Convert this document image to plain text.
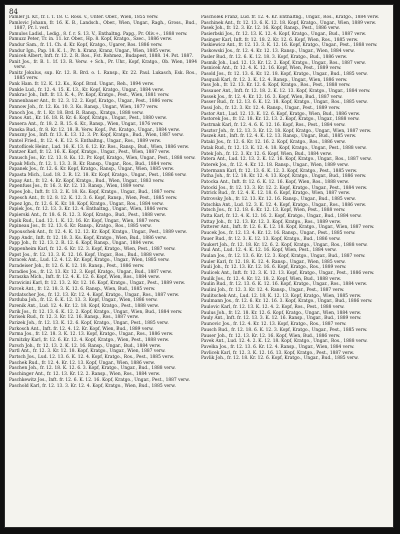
84
Pamler Jl. Kr., fr. l. T. 18. C. Ross. v., Unter. Ober., Wien, 1855 verw.
Pamlovic Johann, fr. 16. K. B., Landsch., Ober., Wien, Ungar., Ragh., Gross., Bud., 1887, Pr. l. verl.
Pamulos Ladisl., Ledig., 8. f. r. S. 13. V., Enthaltng. Papg., Pr. Oliv.+., 1888 verw.
Pamuzz Peter, Tr. in. 11. kr. Ober., Hp. 8. Kopf, Kratgo., Szec., 1886 verw.
Pandur Sam., fr. 11. Ch. d. Kr. Kopf, Kratgo., Ugarer, Ros. 1886 verw.
Pandur Ign., Pap. 18. K. 1., Pr. h. Kranz, Kranz, Ungar., Wien, 1885 verw.
Panicek Albert, Inft. fr. 12. 2. R. Ros., Fst. Rohmez., Budapest, 1888. 14. Pst. 1887.
Panit Jos., fr. B. 1. 1f. 13. R. Verw. + Sch., Pr. Uhr., Kopf, Kratgo., Ob. Wien, 1894 verw.
Panitz Jokulus, sup. Kr. 12. R. Brd. o. 1. Ransp., Kr. 22. Paul. Lukasch, Esk. Ros., 1885 verw.
Pank Ham. fr. 12. K. 12. Ks., Kopf. Brzd. Ungar., Reh., 1894 verw.
Pankle Lud., fr. 12. 4. 15. K. 13., Kr. Kopf, Kratgo., Ungar., 1884 verw.
Pankrac Joh., Inft. fr. 13. K. 4., Pr. Kopf, Kratgo., Pest., Wien, 1881 verw.
Pannenbauer Ant., fr. 12. 3. 12. 2. Kopf, Kratgo., Ungar., Pest., 1886 verw.
Pannow Joh., fr. 12. Ks. 10. 3. Ks. Ransp., Ungar., Wien, 1877 verw.
Panoch Jos., fr. 1. Kr. 18. Brd. R. Ransp., Kratgo., 1888 verw.
Panos Ant., Kr. 16. 18. R. Kr. 6. Kopf, Kratgo., Ungar., Pest., 1880 verw.
Pansera Ant., fr. 18. 2. R. 15. 6. Kr., Ransp., Wien, Ungar., 1876 verw.
Panska Rud., fr. 8. Kr. 12. 18. R. Verw. Kopf., Pst. Kratgo., Ungar., 1884 verw.
Panszny Jos., Inft. fr. 13. K. 13. 12. 3. Pr. Kopf, Kratgo., Bud., Wien, 1887 verw.
Pantel Fried., fr. 12. 4. K. 12. S. Enthaltng., Ungar., Ros., 1889 verw.
Pantoflicek Heinr., Lud. 16. K. 13. 6. 12. Kr. Ros., Ransp., Bud., Wien, 1886 verw.
Pantzer Karl, fr. 12. 16. K. Kopf, Kratgo., Ungar., Pest., Wien, 1887 verw.
Panusch Jos., Kr. 12. 13. 8. Ks. 12. Pr. Kopf, Kratgo., Wien, Ungar., Pest., 1888 verw.
Papak Mich., fr. 12. 1. 13. 3. R. Kr. Ransp., Ungar., Ros., Bud., 1884 verw.
Papanek Jos., fr. 12. 6. Kr. Kopf, Kratgo., Ransp., Ungar., Wien, 1885 verw.
Papasta Mich., Lud. 18. 2. R. 12. 18. Kr. Kopf, Kratgo., Ungar., Pest., 1886 verw.
Papay Ant., fr. 12. 4. Kr. Kopf, Kratgo., Bud., Wien, Ungar., 1883 verw.
Papenfuss Jos., fr. 16. 3. Kr. 12. 13. Ransp., Wien, 1889 verw.
Papes Joh., Inft. fr. 13. 2. K. 18. Ks. Kopf, Kratgo., Ungar., Bud., 1887 verw.
Papesch Ant., fr. 12. 8. 12. K. 12. 3. 6. Kopf, Ransp., Wien, Pest., 1885 verw.
Papez Ign., fr. 12. 6. K. Kr. 18. Kopf, Kratgo., Ungar., Ros., 1884 verw.
Papiek Jos., fr. 12. 13. 3. Kr. 12. 4. Enthaltng., Ungar., Wien, 1886 verw.
Papierski Ant., fr. 18. 6. R. 12. 3. Kopf, Kratgo., Bud., Pest., 1888 verw.
Papik Rud., Lud. 12. 1. K. 12. 16. Kr. Kopf, Ungar., Wien, 1887 verw.
Papineau Jos., fr. 12. 13. 6. Kr. Ransp., Kratgo., Ros., 1885 verw.
Papouschek Ant., fr. 12. 4. K. 12. 12. Kr. Kopf, Kratgo., Ungar., Pest., 1889 verw.
Papp Andr., Inft. fr. 12. 18. 3. Ks. Kopf, Kratgo., Wien, Bud., 1886 verw.
Papp Joh., fr. 12. 13. 2. R. 12. 6. Kopf, Ransp., Ungar., 1884 verw.
Pappenheim Karl, fr. 12. 6. Kr. 12. 3. Kopf, Kratgo., Wien, Pest., 1887 verw.
Papst Jos., fr. 12. 13. 3. K. 12. 16. Kopf, Ungar., Ros., Bud., 1888 verw.
Paracek Ant., Lud. 12. 4. 12. Kr. Kopf, Kratgo., Ungar., Wien, 1885 verw.
Paradeiser Joh., fr. 12. 6. K. 12. 18. Ransp., Pest., 1886 verw.
Paradies Jos., fr. 12. 13. Kr. 12. 3. Kopf, Kratgo., Ungar., Bud., 1887 verw.
Paraszka Mich., Inft. fr. 12. 4. K. 12. 6. Kopf, Wien, Ros., 1884 verw.
Paravicini Karl, fr. 12. 13. 2. Kr. 12. 16. Kopf, Kratgo., Ungar., Pest., 1889 verw.
Parcek Ant., fr. 12. 18. 3. K. 12. 6. Ransp., Wien, Bud., 1885 verw.
Pardatscher Jos., fr. 12. 13. Kr. 12. 4. Kopf, Kratgo., Ungar., Ros., 1887 verw.
Parduba Joh., fr. 12. 6. K. 12. 13. 3. Kopf, Ungar., Wien, 1886 verw.
Parenik Ant., Lud. 12. 4. Kr. 12. 18. Kopf, Kratgo., Pest., 1888 verw.
Parik Jos., fr. 12. 13. 6. K. 12. 2. Kopf, Kratgo., Ungar., Wien, Bud., 1884 verw.
Parisek Rud., fr. 12. 3. Kr. 12. 16. Ransp., Ros., 1887 verw.
Parizek Joh., fr. 12. 13. K. 12. 6. Kopf, Kratgo., Ungar., Pest., 1885 verw.
Parkosch Ant., Inft. fr. 12. 4. 12. Kr. Kopf, Wien, Bud., 1889 verw.
Parma Jos., fr. 12. 18. 3. K. 12. 13. Kopf, Kratgo., Ungar., Ros., 1886 verw.
Parnitzky Karl, fr. 12. 6. Kr. 12. 4. Kopf, Kratgo., Wien, Pest., 1888 verw.
Parsch Joh., fr. 12. 13. 2. K. 12. 16. Ransp., Ungar., Bud., 1884 verw.
Partl Ant., fr. 12. 3. Kr. 12. 18. Kopf, Kratgo., Ungar., Wien, 1887 verw.
Partsch Jos., Lud. 12. 13. 6. K. 12. 4. Kopf, Kratgo., Ros., Pest., 1885 verw.
Paschek Rud., fr. 12. 4. Kr. 12. 13. Kopf, Ungar., Wien, 1886 verw.
Paschen Joh., fr. 12. 18. K. 12. 6. 3. Kopf, Kratgo., Ungar., Bud., 1888 verw.
Paschinger Ant., fr. 12. 13. Kr. 12. 2. Ransp., Wien, Ros., 1884 verw.
Paschkewitz Jos., Inft. fr. 12. 6. K. 12. 16. Kopf, Kratgo., Ungar., Pest., 1887 verw.
Paschold Karl, fr. 12. 13. 3. Kr. 12. 4. Kopf, Kratgo., Wien, Bud., 1885 verw.
Pascholek Franz, Lud. fr. 12. 4. Kr. Enthaltng., Ungar., Ros., Kratgo., 1884 verw.
Paschinek Ant., fr. 12. 13. 6. K. 12. 18. Kopf, Kratgo., Ungar., Wien, 1889 verw.
Pasek Joh., fr. 12. 3. Kr. 12. 16. Kopf, Ransp., Pest., 1886 verw.
Pasierbski Jos., fr. 12. 13. K. 12. 4. Kopf, Kratgo., Ungar., Bud., 1887 verw.
Pasinger Karl, Inft. fr. 12. 18. 2. Kr. 12. 6. Kopf, Wien, Ros., 1885 verw.
Paskiewicz Ant., fr. 12. 13. 3. K. 12. 16. Kopf, Kratgo., Ungar., Pest., 1888 verw.
Paskowski Jos., fr. 12. 4. Kr. 12. 13. Ransp., Ungar., Wien, 1884 verw.
Pasler Rud., fr. 12. 6. K. 12. 18. 3. Kopf, Kratgo., Bud., 1886 verw.
Pasmik Joh., Lud. 12. 13. Kr. 12. 2. Kopf, Kratgo., Ungar., Ros., 1887 verw.
Pasnicek Ant., fr. 12. 4. K. 12. 16. Kopf, Wien, Pest., 1889 verw.
Pasold Jos., fr. 12. 13. 6. Kr. 12. 18. Kopf, Kratgo., Ungar., Bud., 1885 verw.
Pasquali Karl, fr. 12. 3. K. 12. 4. Ransp., Ungar., Wien, 1886 verw.
Pass Joh., fr. 12. 13. Kr. 12. 6. Kopf, Kratgo., Ros., Pest., 1888 verw.
Passauer Ant., Inft. fr. 12. 18. 2. K. 12. 13. Kopf, Kratgo., Ungar., 1884 verw.
Passek Jos., fr. 12. 4. Kr. 12. 16. 3. Kopf, Wien, Bud., 1887 verw.
Passer Rud., fr. 12. 13. 6. K. 12. 18. Kopf, Kratgo., Ungar., Ros., 1885 verw.
Passi Joh., fr. 12. 3. Kr. 12. 4. Ransp., Ungar., Pest., 1889 verw.
Pastor Ant., Lud. 12. 13. K. 12. 6. Kopf, Kratgo., Wien, Bud., 1886 verw.
Pastorek Jos., fr. 12. 18. Kr. 12. 13. 2. Kopf, Kratgo., Ungar., 1888 verw.
Pastrnak Karl, fr. 12. 4. 6. K. 12. 16. Kopf, Ros., Pest., 1884 verw.
Pasztor Joh., fr. 12. 13. 3. Kr. 12. 18. Kopf, Kratgo., Ungar., Wien, 1887 verw.
Paszek Ant., Inft. fr. 12. 4. K. 12. 13. Ransp., Ungar., Bud., 1885 verw.
Pataki Jos., fr. 12. 6. Kr. 12. 16. 2. Kopf, Kratgo., Ros., 1886 verw.
Patak Rud., fr. 12. 13. K. 12. 4. 18. Kopf, Kratgo., Ungar., Pest., 1888 verw.
Patek Joh., fr. 12. 3. Kr. 12. 6. Kopf, Wien, Bud., 1884 verw.
Patera Ant., Lud. 12. 13. 2. K. 12. 16. Kopf, Kratgo., Ungar., Ros., 1887 verw.
Paterek Jos., fr. 12. 4. Kr. 12. 18. Ransp., Ungar., Wien, 1889 verw.
Patermann Karl, fr. 12. 13. 6. K. 12. 3. Kopf, Kratgo., Pest., 1885 verw.
Patha Joh., fr. 12. 18. Kr. 12. 4. 13. Kopf, Kratgo., Ungar., Bud., 1886 verw.
Patocka Ant., Inft. fr. 12. 6. K. 12. 16. Kopf, Wien, Ros., 1888 verw.
Patocki Jos., fr. 12. 13. 3. Kr. 12. 2. Kopf, Kratgo., Ungar., Pest., 1884 verw.
Patrick Rud., fr. 12. 4. K. 12. 18. 6. Kopf, Kratgo., Wien, 1887 verw.
Patrovsky Joh., fr. 12. 13. Kr. 12. 16. Ransp., Ungar., Bud., 1885 verw.
Patschka Ant., Lud. 12. 3. K. 12. 4. Kopf, Kratgo., Ungar., Ros., 1886 verw.
Patsch Jos., fr. 12. 18. 6. Kr. 12. 13. Kopf, Wien, Pest., 1888 verw.
Patta Karl, fr. 12. 4. K. 12. 16. 2. Kopf, Kratgo., Ungar., Bud., 1884 verw.
Pattay Joh., fr. 12. 13. Kr. 12. 3. Kopf, Kratgo., Ros., 1889 verw.
Patterer Ant., Inft. fr. 12. 6. K. 12. 18. Kopf, Kratgo., Ungar., Wien, 1887 verw.
Paucek Jos., fr. 12. 13. 4. Kr. 12. 16. Ransp., Ungar., Pest., 1885 verw.
Pauer Rud., fr. 12. 3. K. 12. 13. Kopf, Kratgo., Bud., 1886 verw.
Paukert Joh., fr. 12. 18. Kr. 12. 6. 2. Kopf, Kratgo., Ungar., Ros., 1888 verw.
Paul Ant., Lud. 12. 4. K. 12. 16. Kopf, Wien, Pest., 1884 verw.
Paulan Jos., fr. 12. 13. 6. Kr. 12. 3. Kopf, Kratgo., Ungar., Bud., 1887 verw.
Pauler Karl, fr. 12. 18. K. 12. 4. Ransp., Ungar., Wien, 1885 verw.
Pauli Joh., fr. 12. 13. Kr. 12. 16. 6. Kopf, Kratgo., Ros., 1889 verw.
Paulicek Ant., Inft. fr. 12. 3. K. 12. 13. Kopf, Kratgo., Ungar., Pest., 1886 verw.
Paulik Jos., fr. 12. 4. Kr. 12. 18. 2. Kopf, Wien, Bud., 1888 verw.
Paulin Rud., fr. 12. 13. 6. K. 12. 16. Kopf, Kratgo., Ungar., Ros., 1884 verw.
Paulini Joh., fr. 12. 3. Kr. 12. 4. Ransp., Ungar., Pest., 1887 verw.
Paulitschek Ant., Lud. 12. 18. K. 12. 13. Kopf, Kratgo., Wien, 1885 verw.
Paulmann Jos., fr. 12. 6. Kr. 12. 16. 3. Kopf, Kratgo., Ungar., Bud., 1886 verw.
Paulovic Karl, fr. 12. 13. K. 12. 4. 2. Kopf, Ros., Pest., 1888 verw.
Paulus Joh., fr. 12. 18. Kr. 12. 6. Kopf, Kratgo., Ungar., Wien, 1884 verw.
Pauly Ant., Inft. fr. 12. 13. 3. K. 12. 16. Ransp., Ungar., Bud., 1889 verw.
Paunovic Jos., fr. 12. 4. Kr. 12. 13. Kopf, Kratgo., Ros., 1887 verw.
Pausch Rud., fr. 12. 18. 6. K. 12. 3. Kopf, Kratgo., Ungar., Pest., 1885 verw.
Pauser Joh., fr. 12. 13. Kr. 12. 16. Kopf, Wien, Bud., 1886 verw.
Pavek Ant., Lud. 12. 4. 2. K. 12. 18. Kopf, Kratgo., Ungar., Ros., 1888 verw.
Pavelka Jos., fr. 12. 13. 6. Kr. 12. 4. Ransp., Ungar., Wien, 1884 verw.
Pavlicek Karl, fr. 12. 3. K. 12. 16. 13. Kopf, Kratgo., Pest., 1887 verw.
Pavlik Joh., fr. 12. 18. Kr. 12. 6. Kopf, Kratgo., Ungar., Bud., 1885 verw.
